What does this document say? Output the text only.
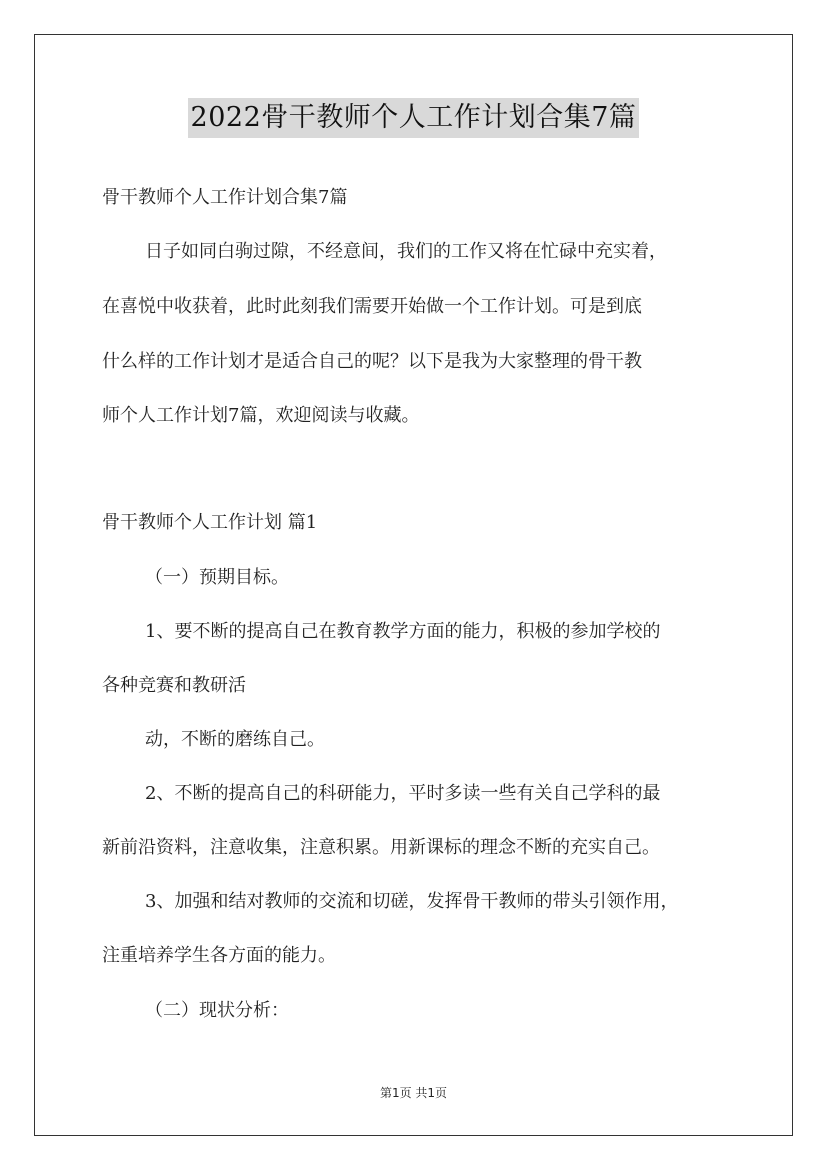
2022骨干教师个人工作计划合集7篇
骨干教师个人工作计划合集7篇
日子如同白驹过隙，不经意间，我们的工作又将在忙碌中充实着，
在喜悦中收获着，此时此刻我们需要开始做一个工作计划。可是到底
什么样的工作计划才是适合自己的呢？以下是我为大家整理的骨干教
师个人工作计划7篇，欢迎阅读与收藏。
骨干教师个人工作计划 篇1
（一）预期目标。
1、要不断的提高自己在教育教学方面的能力，积极的参加学校的
各种竞赛和教研活
动，不断的磨练自己。
2、不断的提高自己的科研能力，平时多读一些有关自己学科的最
新前沿资料，注意收集，注意积累。用新课标的理念不断的充实自己。
3、加强和结对教师的交流和切磋，发挥骨干教师的带头引领作用，
注重培养学生各方面的能力。
（二）现状分析：
第1页 共1页
